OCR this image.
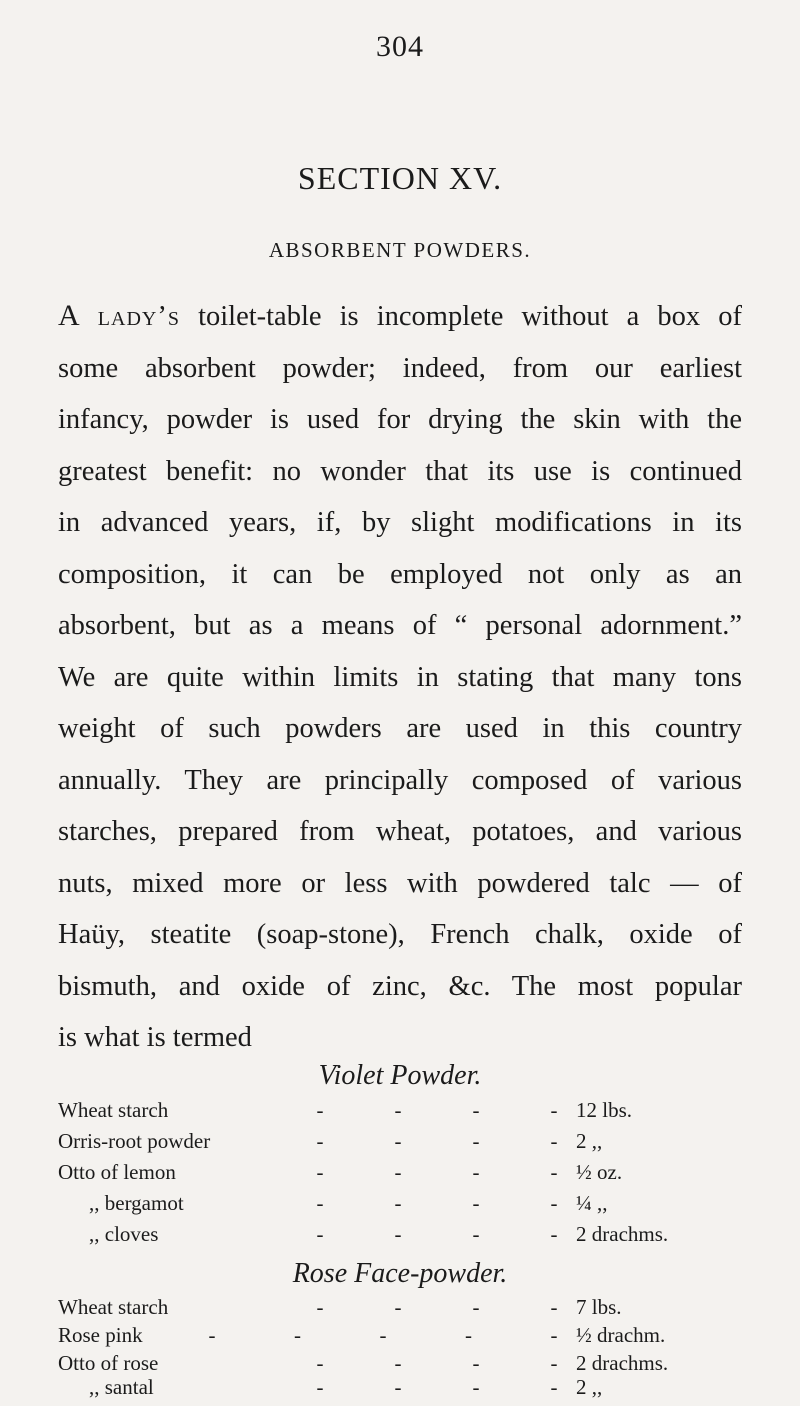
304
SECTION XV.
ABSORBENT POWDERS.
A lady’s toilet-table is incomplete without a box of
some absorbent powder; indeed, from our earliest
infancy, powder is used for drying the skin with the
greatest benefit: no wonder that its use is continued
in advanced years, if, by slight modifications in its
composition, it can be employed not only as an
absorbent, but as a means of “ personal adornment.”
We are quite within limits in stating that many tons
weight of such powders are used in this country
annually. They are principally composed of various
starches, prepared from wheat, potatoes, and various
nuts, mixed more or less with powdered talc — of
Haüy, steatite (soap-stone), French chalk, oxide of
bismuth, and oxide of zinc, &c. The most popular
is what is termed
Violet Powder.
Wheat starch	-	-	-	- 12 lbs.
Orris-root powder	-	-	-	- 2 ,,
Otto of lemon	-	-	-	- ½ oz.
,, bergamot	-	-	-	- ¼ ,,
,, cloves	-	-	-	- 2 drachms.
Rose Face-powder.
Wheat starch	-	-	-	- 7 lbs.
Rose pink	-	-	-	-	- ½ drachm.
Otto of rose	-	-	-	- 2 drachms.
,, santal	-	-	-	- 2 ,,
